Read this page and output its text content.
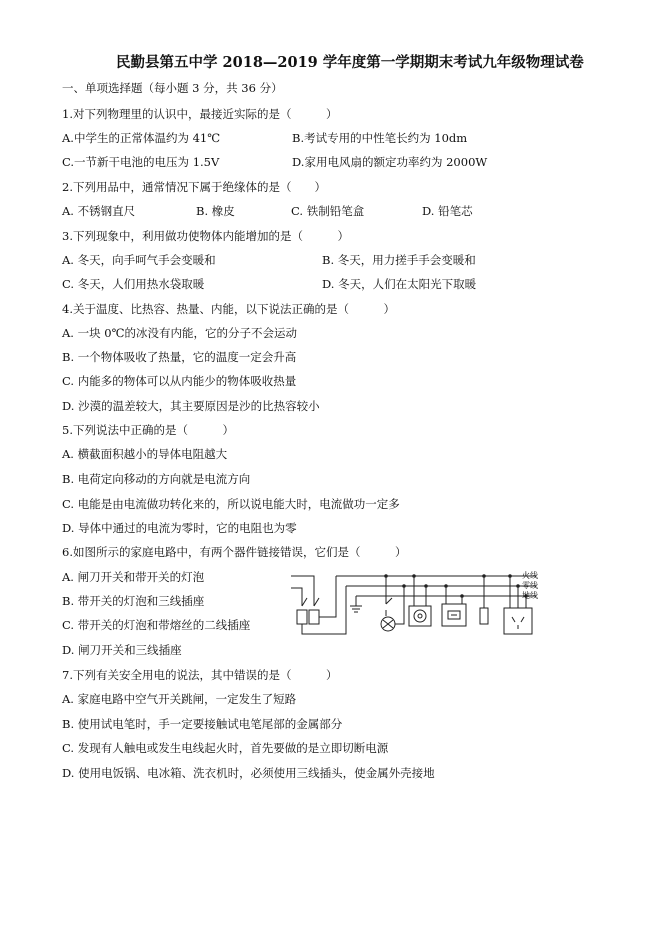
民勤县第五中学 2018—2019 学年度第一学期期末考试九年级物理试卷
一、单项选择题（每小题 3 分，共 36 分）
1.对下列物理里的认识中，最接近实际的是（　　　）
A.中学生的正常体温约为 41℃	B.考试专用的中性笔长约为 10dm
C.一节新干电池的电压为 1.5V	D.家用电风扇的额定功率约为 2000W
2.下列用品中，通常情况下属于绝缘体的是（　　）
A. 不锈钢直尺	B. 橡皮	C. 铁制铅笔盒	D. 铅笔芯
3.下列现象中，利用做功使物体内能增加的是（　　　）
A. 冬天，向手呵气手会变暖和	B. 冬天，用力搓手手会变暖和
C. 冬天，人们用热水袋取暖	D. 冬天，人们在太阳光下取暖
4.关于温度、比热容、热量、内能，以下说法正确的是（　　　）
A. 一块 0℃的冰没有内能，它的分子不会运动
B. 一个物体吸收了热量，它的温度一定会升高
C. 内能多的物体可以从内能少的物体吸收热量
D. 沙漠的温差较大，其主要原因是沙的比热容较小
5.下列说法中正确的是（　　　）
A. 横截面积越小的导体电阻越大
B. 电荷定向移动的方向就是电流方向
C. 电能是由电流做功转化来的，所以说电能大时，电流做功一定多
D. 导体中通过的电流为零时，它的电阻也为零
6.如图所示的家庭电路中，有两个器件链接错误，它们是（　　　）
A. 闸刀开关和带开关的灯泡
B. 带开关的灯泡和三线插座
C. 带开关的灯泡和带熔丝的二线插座
D. 闸刀开关和三线插座
火线
零线
地线
7.下列有关安全用电的说法，其中错误的是（　　　）
A. 家庭电路中空气开关跳闸，一定发生了短路
B. 使用试电笔时，手一定要接触试电笔尾部的金属部分
C. 发现有人触电或发生电线起火时，首先要做的是立即切断电源
D. 使用电饭锅、电冰箱、洗衣机时，必须使用三线插头，使金属外壳接地
